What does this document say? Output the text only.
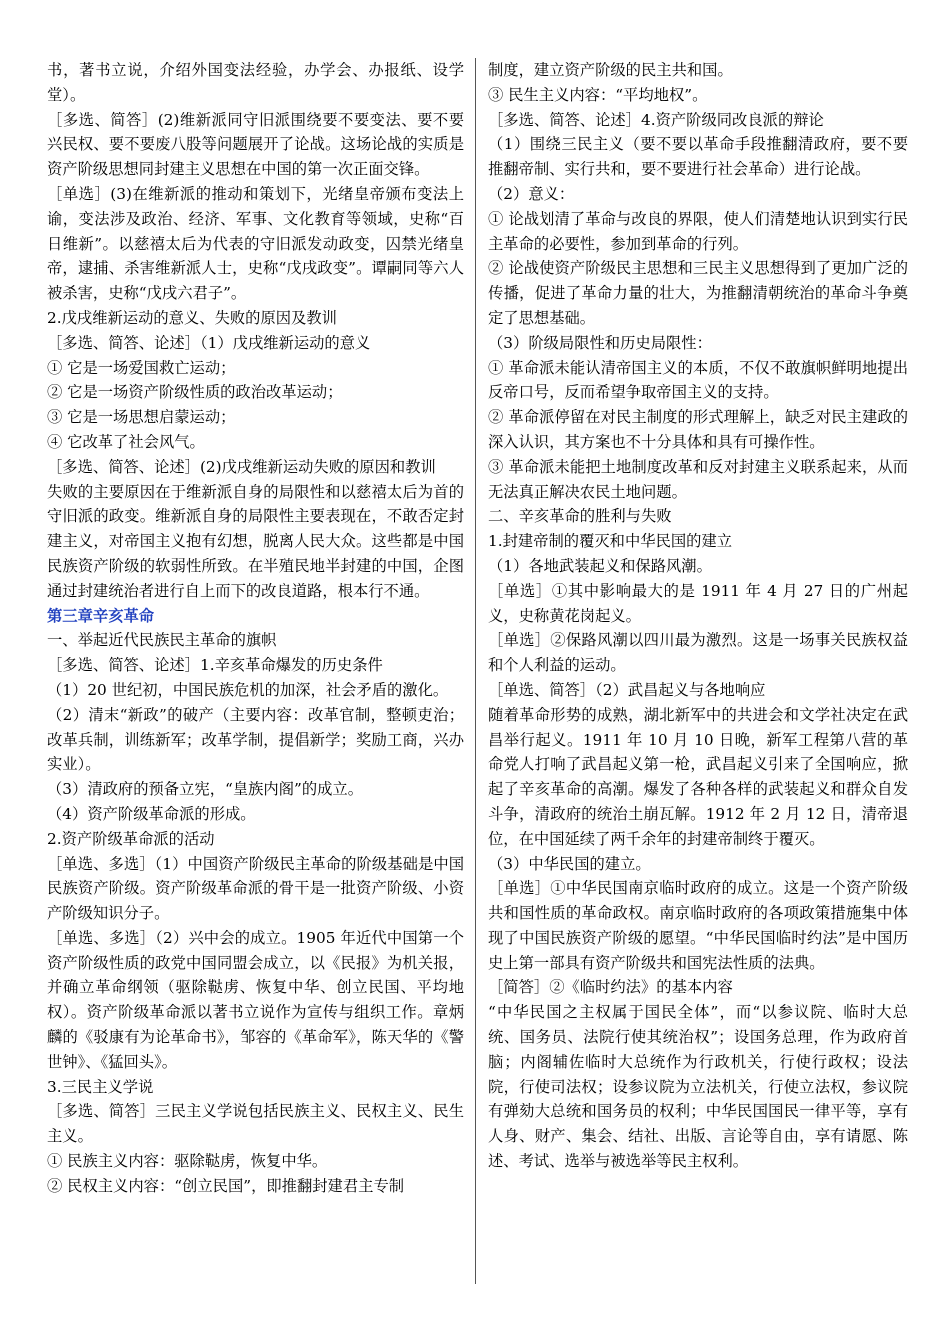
书，著书立说，介绍外国变法经验，办学会、办报纸、设学堂）。

［多选、简答］(2)维新派同守旧派围绕要不要变法、要不要兴民权、要不要废八股等问题展开了论战。这场论战的实质是资产阶级思想同封建主义思想在中国的第一次正面交锋。

［单选］(3)在维新派的推动和策划下，光绪皇帝颁布变法上谕，变法涉及政治、经济、军事、文化教育等领域，史称“百日维新”。以慈禧太后为代表的守旧派发动政变，囚禁光绪皇帝，逮捕、杀害维新派人士，史称“戊戌政变”。谭嗣同等六人被杀害，史称“戊戌六君子”。

2.戊戌维新运动的意义、失败的原因及教训

［多选、简答、论述］（1）戊戌维新运动的意义

① 它是一场爱国救亡运动；

② 它是一场资产阶级性质的政治改革运动；

③ 它是一场思想启蒙运动；

④ 它改革了社会风气。

［多选、简答、论述］(2)戊戌维新运动失败的原因和教训

失败的主要原因在于维新派自身的局限性和以慈禧太后为首的守旧派的政变。维新派自身的局限性主要表现在，不敢否定封建主义，对帝国主义抱有幻想，脱离人民大众。这些都是中国民族资产阶级的软弱性所致。在半殖民地半封建的中国，企图通过封建统治者进行自上而下的改良道路，根本行不通。

第三章辛亥革命

一、举起近代民族民主革命的旗帜

［多选、简答、论述］1.辛亥革命爆发的历史条件

（1）20 世纪初，中国民族危机的加深，社会矛盾的激化。

（2）清末“新政”的破产（主要内容：改革官制，整顿吏治；改革兵制，训练新军；改革学制，提倡新学；奖励工商，兴办实业）。

（3）清政府的预备立宪，“皇族内阁”的成立。

（4）资产阶级革命派的形成。

2.资产阶级革命派的活动

［单选、多选］（1）中国资产阶级民主革命的阶级基础是中国民族资产阶级。资产阶级革命派的骨干是一批资产阶级、小资产阶级知识分子。

［单选、多选］（2）兴中会的成立。1905 年近代中国第一个资产阶级性质的政党中国同盟会成立，以《民报》为机关报，并确立革命纲领（驱除鞑虏、恢复中华、创立民国、平均地权）。资产阶级革命派以著书立说作为宣传与组织工作。章炳麟的《驳康有为论革命书》，邹容的《革命军》，陈天华的《警世钟》、《猛回头》。

3.三民主义学说

［多选、简答］三民主义学说包括民族主义、民权主义、民生主义。

① 民族主义内容：驱除鞑虏，恢复中华。

② 民权主义内容：“创立民国”，即推翻封建君主专制

制度，建立资产阶级的民主共和国。

③ 民生主义内容：“平均地权”。

［多选、简答、论述］4.资产阶级同改良派的辩论

（1）围绕三民主义（要不要以革命手段推翻清政府，要不要推翻帝制、实行共和，要不要进行社会革命）进行论战。

（2）意义：

① 论战划清了革命与改良的界限，使人们清楚地认识到实行民主革命的必要性，参加到革命的行列。

② 论战使资产阶级民主思想和三民主义思想得到了更加广泛的传播，促进了革命力量的壮大，为推翻清朝统治的革命斗争奠定了思想基础。

（3）阶级局限性和历史局限性：

① 革命派未能认清帝国主义的本质，不仅不敢旗帜鲜明地提出反帝口号，反而希望争取帝国主义的支持。

② 革命派停留在对民主制度的形式理解上，缺乏对民主建政的深入认识，其方案也不十分具体和具有可操作性。

③ 革命派未能把土地制度改革和反对封建主义联系起来，从而无法真正解决农民土地问题。

二、辛亥革命的胜利与失败

1.封建帝制的覆灭和中华民国的建立

（1）各地武装起义和保路风潮。

［单选］①其中影响最大的是 1911 年 4 月 27 日的广州起义，史称黄花岗起义。

［单选］②保路风潮以四川最为激烈。这是一场事关民族权益和个人利益的运动。

［单选、简答］（2）武昌起义与各地响应

随着革命形势的成熟，湖北新军中的共进会和文学社决定在武昌举行起义。1911 年 10 月 10 日晚，新军工程第八营的革命党人打响了武昌起义第一枪，武昌起义引来了全国响应，掀起了辛亥革命的高潮。爆发了各种各样的武装起义和群众自发斗争，清政府的统治土崩瓦解。1912 年 2 月 12 日，清帝退位，在中国延续了两千余年的封建帝制终于覆灭。

（3）中华民国的建立。

［单选］①中华民国南京临时政府的成立。这是一个资产阶级共和国性质的革命政权。南京临时政府的各项政策措施集中体现了中国民族资产阶级的愿望。“中华民国临时约法”是中国历史上第一部具有资产阶级共和国宪法性质的法典。

［简答］②《临时约法》的基本内容

“中华民国之主权属于国民全体”，而“以参议院、临时大总统、国务员、法院行使其统治权”；设国务总理，作为政府首脑；内阁辅佐临时大总统作为行政机关，行使行政权；设法院，行使司法权；设参议院为立法机关，行使立法权，参议院有弹劾大总统和国务员的权利；中华民国国民一律平等，享有人身、财产、集会、结社、出版、言论等自由，享有请愿、陈述、考试、选举与被选举等民主权利。
